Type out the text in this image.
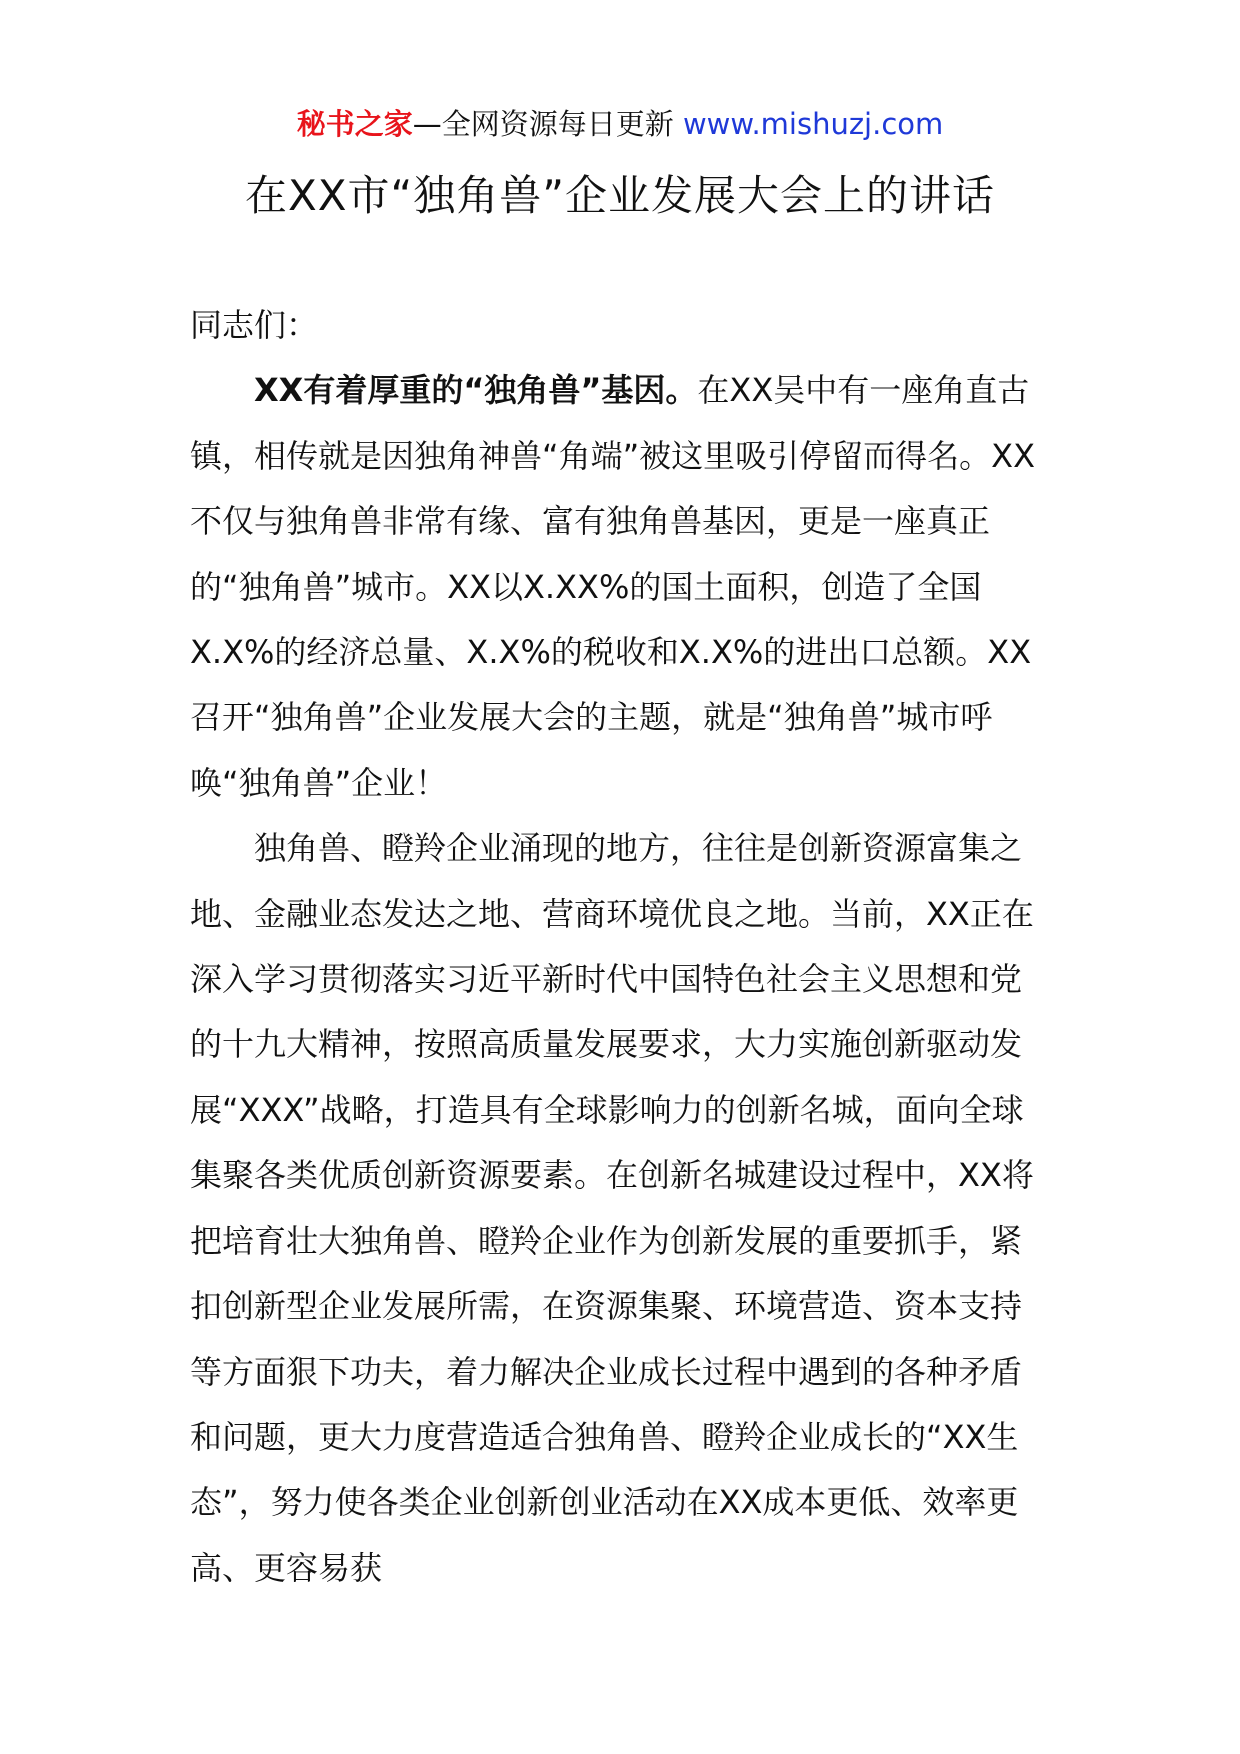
秘书之家—全网资源每日更新 www.mishuzj.com
在XX市“独角兽”企业发展大会上的讲话

同志们：

XX有着厚重的“独角兽”基因。在XX吴中有一座角直古镇，相传就是因独角神兽“角端”被这里吸引停留而得名。XX不仅与独角兽非常有缘、富有独角兽基因，更是一座真正的“独角兽”城市。XX以X.XX%的国土面积，创造了全国X.X%的经济总量、X.X%的税收和X.X%的进出口总额。XX召开“独角兽”企业发展大会的主题，就是“独角兽”城市呼唤“独角兽”企业！

独角兽、瞪羚企业涌现的地方，往往是创新资源富集之地、金融业态发达之地、营商环境优良之地。当前，XX正在深入学习贯彻落实习近平新时代中国特色社会主义思想和党的十九大精神，按照高质量发展要求，大力实施创新驱动发展“XXX”战略，打造具有全球影响力的创新名城，面向全球集聚各类优质创新资源要素。在创新名城建设过程中，XX将把培育壮大独角兽、瞪羚企业作为创新发展的重要抓手，紧扣创新型企业发展所需，在资源集聚、环境营造、资本支持等方面狠下功夫，着力解决企业成长过程中遇到的各种矛盾和问题，更大力度营造适合独角兽、瞪羚企业成长的“XX生态”，努力使各类企业创新创业活动在XX成本更低、效率更高、更容易获
